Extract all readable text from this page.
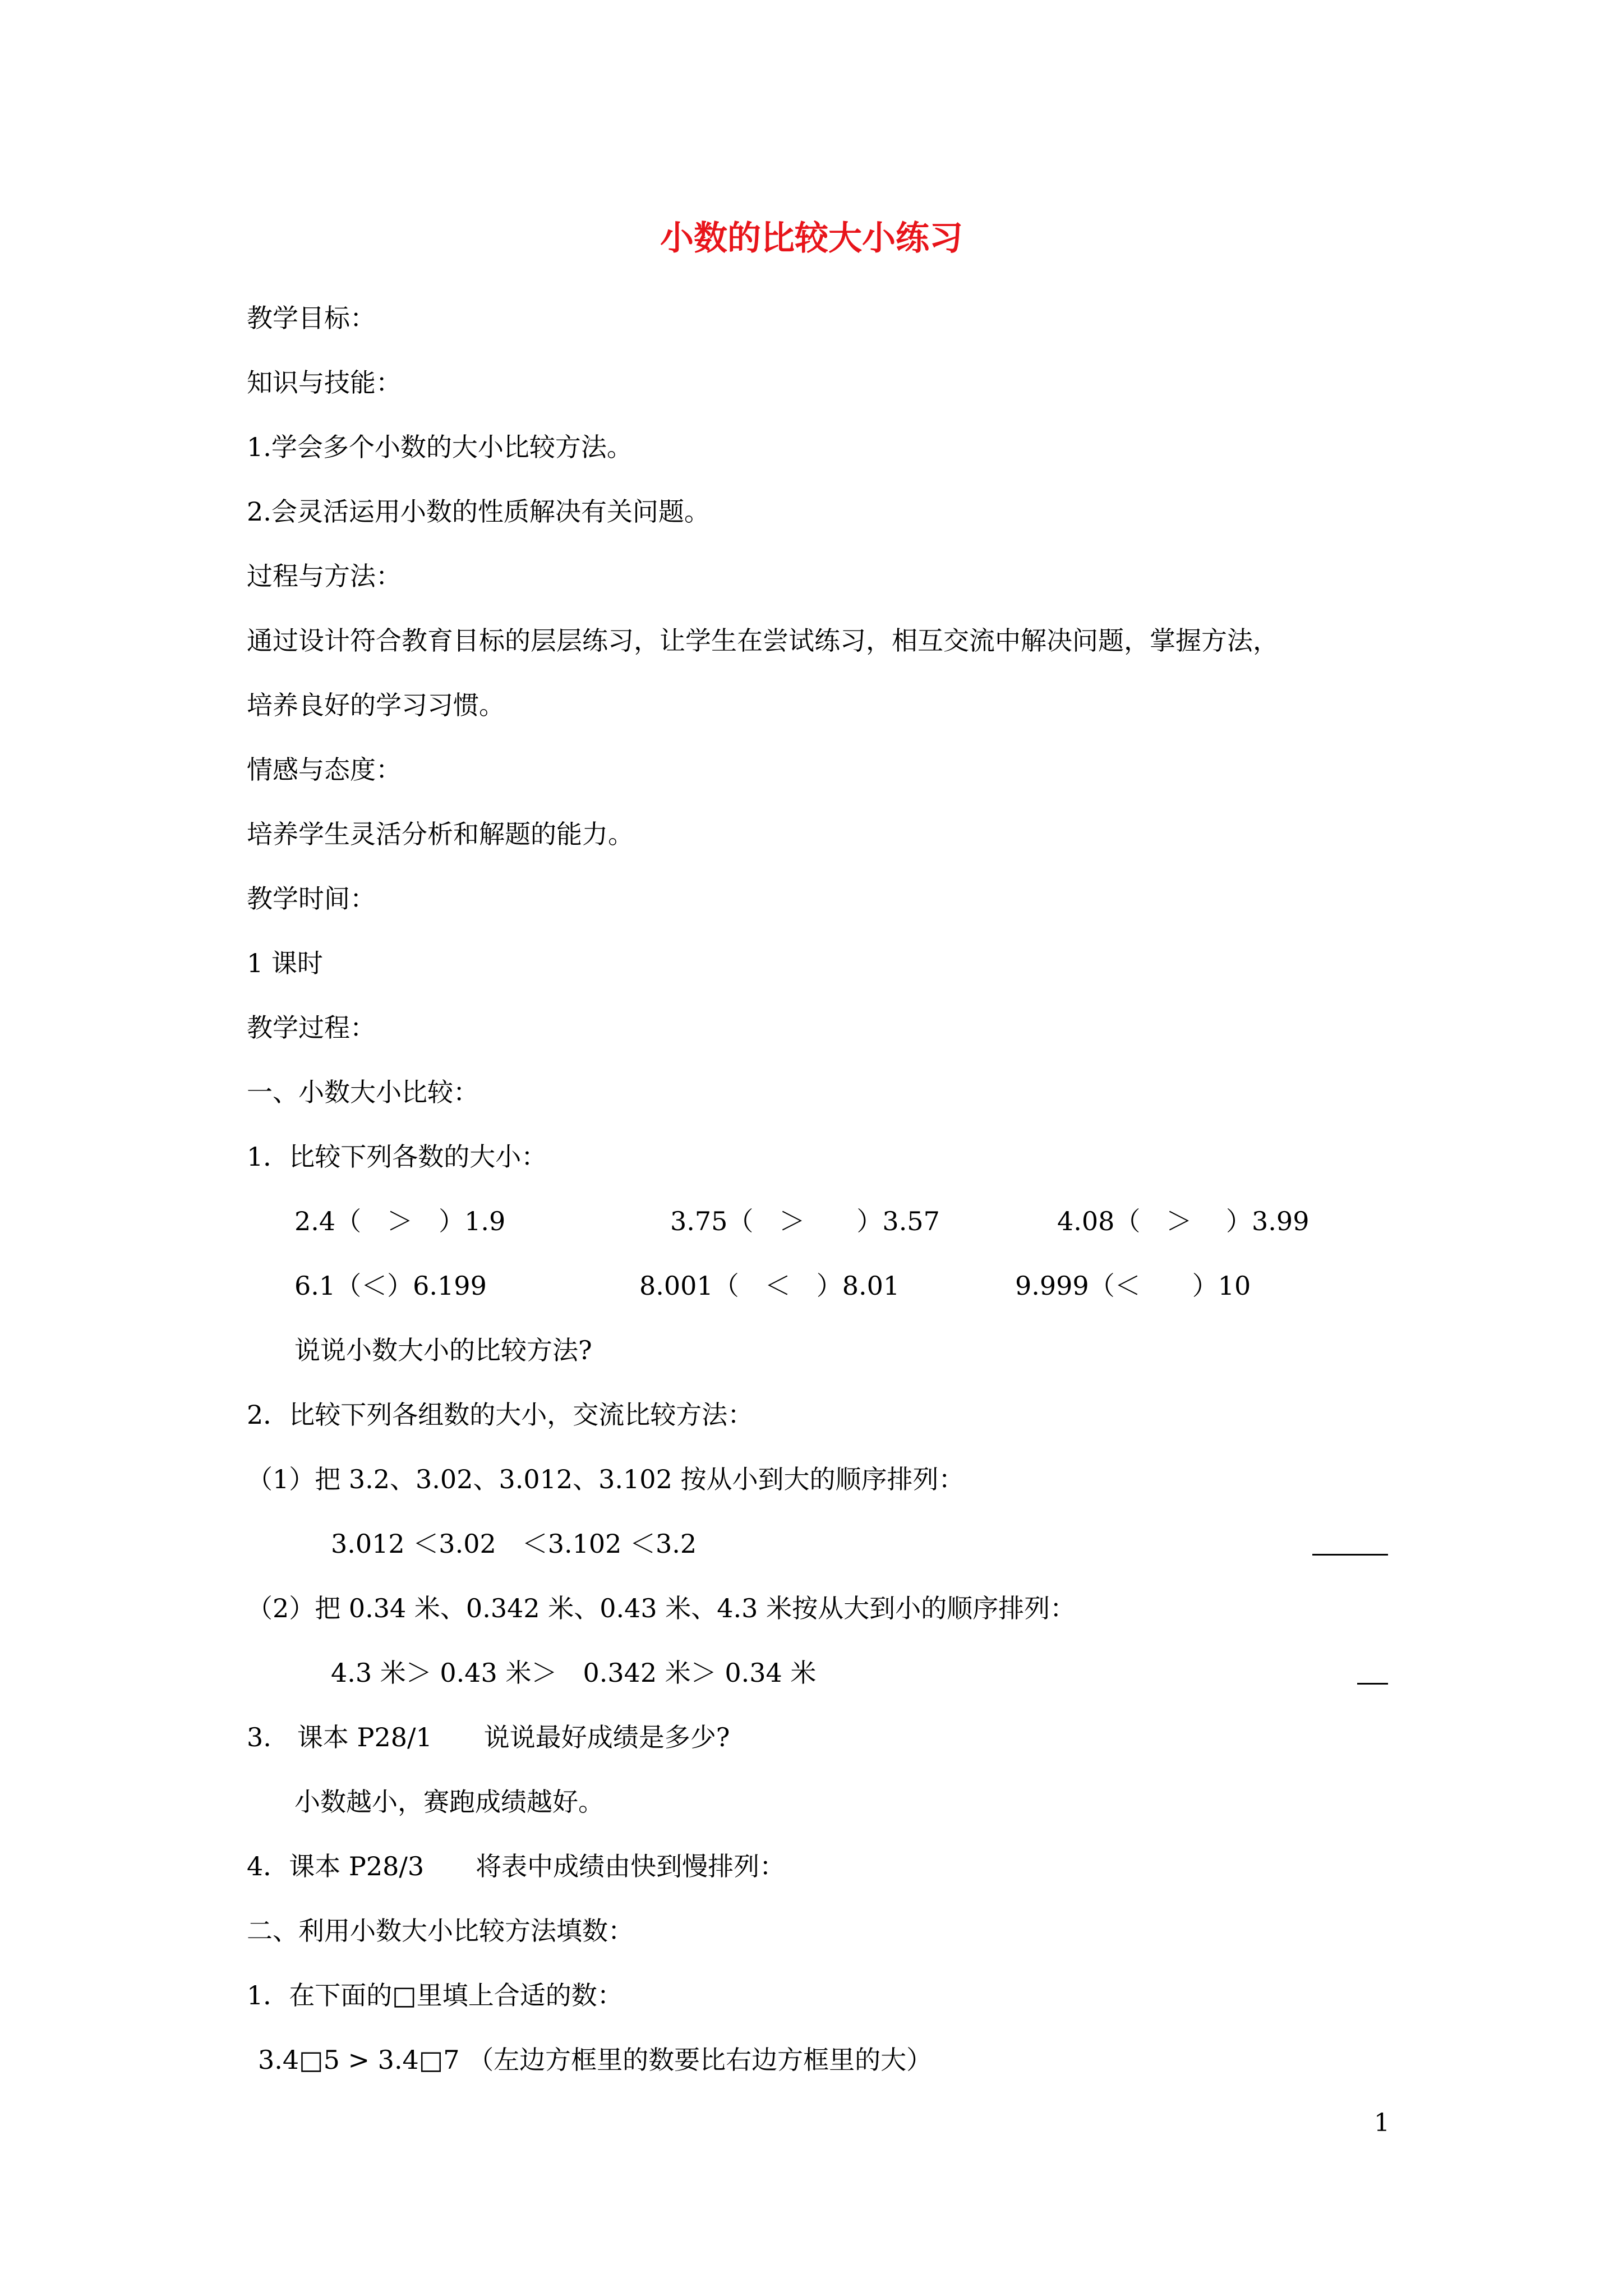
小数的比较大小练习
教学目标：
知识与技能：
1.学会多个小数的大小比较方法。
2.会灵活运用小数的性质解决有关问题。
过程与方法：
通过设计符合教育目标的层层练习，让学生在尝试练习，相互交流中解决问题，掌握方法，
培养良好的学习习惯。
情感与态度：
培养学生灵活分析和解题的能力。
教学时间：
1 课时
教学过程：
一、小数大小比较：
1．比较下列各数的大小：
2.4（　＞　）1.9	3.75（　＞　　）3.57	4.08（　＞　 ）3.99
6.1（＜）6.199	8.001（　＜　）8.01	9.999（＜　　）10
说说小数大小的比较方法?
2．比较下列各组数的大小，交流比较方法：
（1）把 3.2、3.02、3.012、3.102 按从小到大的顺序排列：
3.012 ＜3.02　＜3.102 ＜3.2
（2）把 0.34 米、0.342 米、0.43 米、4.3 米按从大到小的顺序排列：
4.3 米＞ 0.43 米＞　0.342 米＞ 0.34 米
3.　课本 P28/1　　说说最好成绩是多少?
小数越小，赛跑成绩越好。
4．课本 P28/3　　将表中成绩由快到慢排列：
二、利用小数大小比较方法填数：
1．在下面的□里填上合适的数：
3.4□5 > 3.4□7 （左边方框里的数要比右边方框里的大）
1
